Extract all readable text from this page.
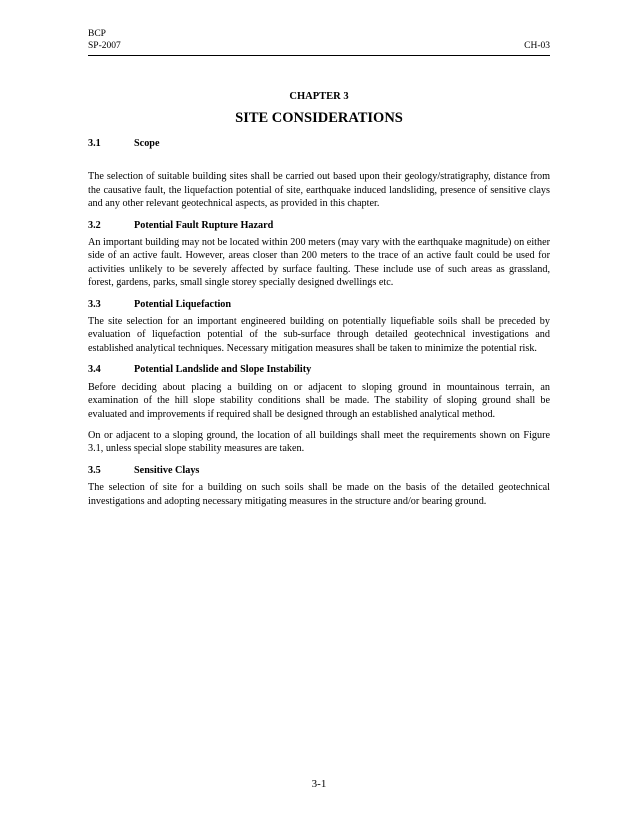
BCP
SP-2007	CH-03
CHAPTER 3
SITE CONSIDERATIONS
3.1	Scope

The selection of suitable building sites shall be carried out based upon their geology/stratigraphy, distance from the causative fault, the liquefaction potential of site, earthquake induced landsliding, presence of sensitive clays and any other relevant geotechnical aspects, as provided in this chapter.

3.2	Potential Fault Rupture Hazard

An important building may not be located within 200 meters (may vary with the earthquake magnitude) on either side of an active fault. However, areas closer than 200 meters to the trace of an active fault could be used for activities unlikely to be severely affected by surface faulting. These include use of such areas as grassland, forest, gardens, parks, small single storey specially designed dwellings etc.

3.3	Potential Liquefaction

The site selection for an important engineered building on potentially liquefiable soils shall be preceded by evaluation of liquefaction potential of the sub-surface through detailed geotechnical investigations and established analytical techniques. Necessary mitigation measures shall be taken to minimize the potential risk.

3.4	Potential Landslide and Slope Instability

Before deciding about placing a building on or adjacent to sloping ground in mountainous terrain, an examination of the hill slope stability conditions shall be made. The stability of sloping ground shall be evaluated and improvements if required shall be designed through an established analytical method.

On or adjacent to a sloping ground, the location of all buildings shall meet the requirements shown on Figure 3.1, unless special slope stability measures are taken.

3.5	Sensitive Clays

The selection of site for a building on such soils shall be made on the basis of the detailed geotechnical investigations and adopting necessary mitigating measures in the structure and/or bearing ground.

3-1
